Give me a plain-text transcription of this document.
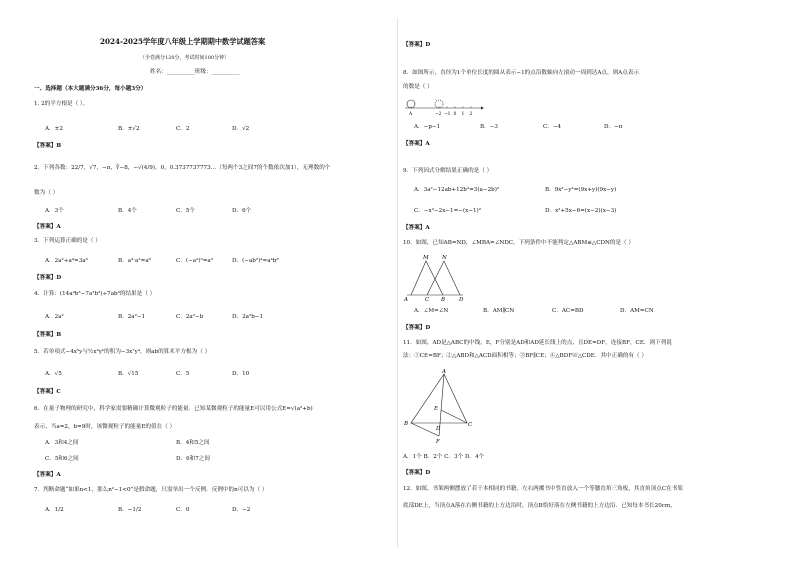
2024-2025学年度八年级上学期期中数学试题答案
（全卷满分120分，考试时间100分钟）
姓名：__________班级：__________
一、选择题（本大题满分36分，每小题3分）
1. 2的平方根是（ ）。
A．±2	B．±√2	C．2	D．√2
【答案】B
2．下列各数：22/7，√7，−π，∛−8，−√(4/9)，0，0.3737737773…（每两个3之间7的个数依次加1），无理数的个
数为（ ）
A．3个	B．4个	C．5个	D．6个
【答案】A
3．下列运算正确的是（ ）
A．2a²+a⁴=3a⁶	B．a³·a²=a⁶	C．(−a²)³=a⁶	D．(−ab²)⁴=a⁴b⁸
【答案】D
4．计算：(14a⁴b³−7a²b³)÷7ab³的结果是（ ）
A．2a²	B．2a²−1	C．2a²−b	D．2a²b−1
【答案】B
5．若单项式−4x⁵y与½x³yᵇ的积为−3x⁷y⁴，则ab的算术平方根为（ ）
A．√5	B．√15	C．5	D．10
【答案】C
6．在量子物理的研究中，科学家需要精确计算微观粒子的能量．已知某微观粒子的能量E可以用公式E=√(a²+b)
表示，当a=2，b=9时，该微观粒子的能量E的值在（ ）
A．3和4之间	B．4和5之间
C．5和6之间	D．6和7之间
【答案】A
7．判断命题“如果n<1，那么n²−1<0”是假命题，只需举出一个反例．反例中的n可以为（ ）
A．1/2	B．−1/2	C．0	D．−2
【答案】D
8．如图所示，直径为1个单位长度的圆从表示−1的点沿数轴向左滚动一周到达A点，则A点表示
的数是（ ）
A	−2 −1 0 1 2
A．−p−1	B．−3	C．−4	D．−π
【答案】A
9．下列因式分解结果正确的是（ ）
A．3a²−12ab+12b²=3(a−2b)²	B．9x²−y²=(9x+y)(9x−y)
C．−x²−2x−1=−(x−1)²	D．x²+5x−6=(x−2)(x−3)
【答案】A
10．如图，已知AB=ND，∠MBA=∠NDC，下列条件中不能判定△ABM≌△CDN的是（ ）
M N
A	C B	D
A．∠M=∠N	B．AM∥CN	C．AC=BD	D．AM=CN
【答案】D
11．如图，AD是△ABC的中线，E，F分别是AD和AD延长线上的点，且DE=DF，连接BF，CE．则下列说
法：①CE=BF；②△ABD和△ACD面积相等；③BF∥CE；④△BDF≌△CDE．其中正确的有（ ）
A
E
B
D
C
F
A．1个 B．2个 C．3个 D．4个
【答案】D
12．如图，书架两侧摆放了若干本相同的书籍，左右两摞书中竖直放入一个等腰直角三角板，其直角顶点C在书架
底部DE上，当顶点A落在右侧书籍的上方边沿时，顶点B恰好落在左侧书籍的上方边沿．已知每本书长20cm，
